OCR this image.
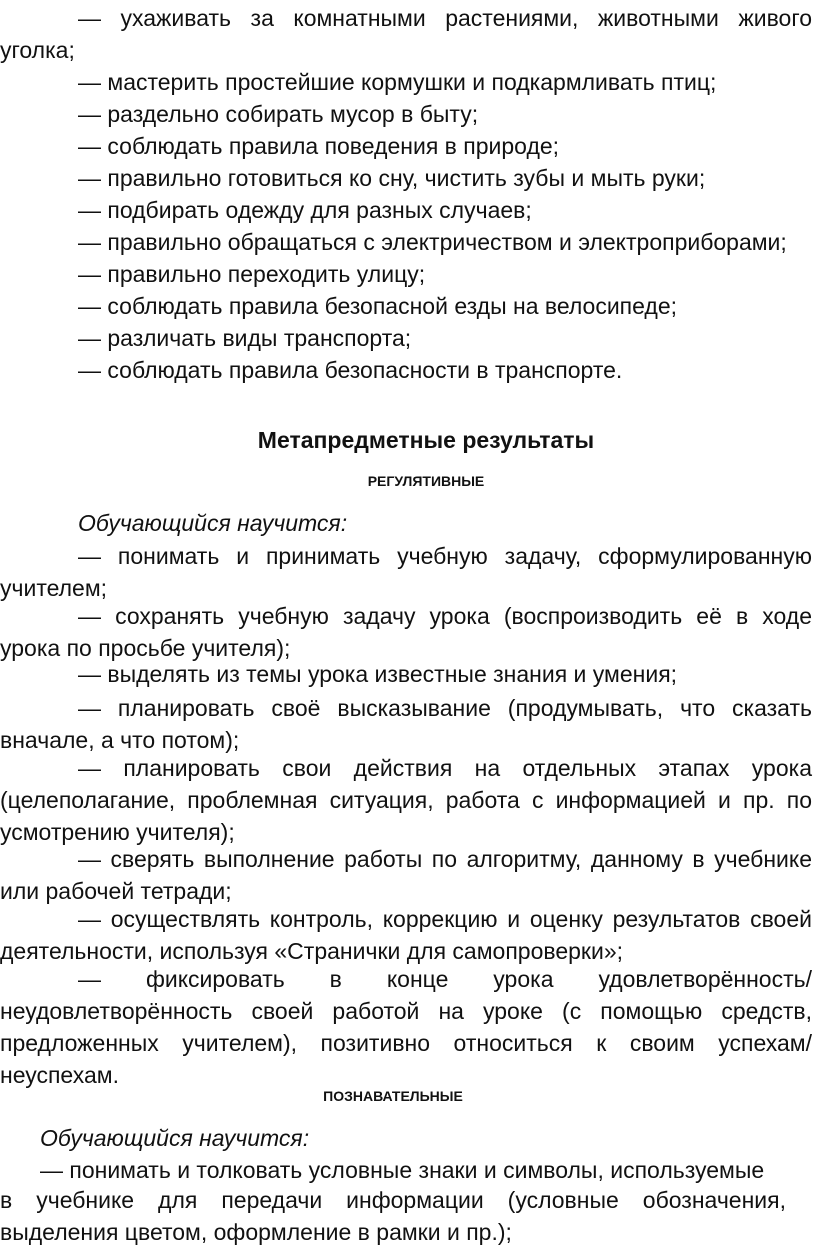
— ухаживать за комнатными растениями, животными живого уголка;

— мастерить простейшие кормушки и подкармливать птиц;

— раздельно собирать мусор в быту;

— соблюдать правила поведения в природе;

— правильно готовиться ко сну, чистить зубы и мыть руки;

— подбирать одежду для разных случаев;

— правильно обращаться с электричеством и электроприборами;

— правильно переходить улицу;

— соблюдать правила безопасной езды на велосипеде;

— различать виды транспорта;

— соблюдать правила безопасности в транспорте.

Метапредметные результаты
РЕГУЛЯТИВНЫЕ

Обучающийся научится:

— понимать и принимать учебную задачу, сформулированную учителем;

— сохранять учебную задачу урока (воспроизводить её в ходе урока по просьбе учителя);

— выделять из темы урока известные знания и умения;

— планировать своё высказывание (продумывать, что сказать вначале, а что потом);

— планировать свои действия на отдельных этапах урока (целеполагание, проблемная ситуация, работа с информацией и пр. по усмотрению учителя);

— сверять выполнение работы по алгоритму, данному в учебнике или рабочей тетради;

— осуществлять контроль, коррекцию и оценку результатов своей деятельности, используя «Странички для самопроверки»;

— фиксировать в конце урока удовлетворённость/неудовлетворённость своей работой на уроке (с помощью средств, предложенных учителем), позитивно относиться к своим успехам/неуспехам.

ПОЗНАВАТЕЛЬНЫЕ

Обучающийся научится:

— понимать и толковать условные знаки и символы, используемые

в учебнике для передачи информации (условные обозначения, выделения цветом, оформление в рамки и пр.);
